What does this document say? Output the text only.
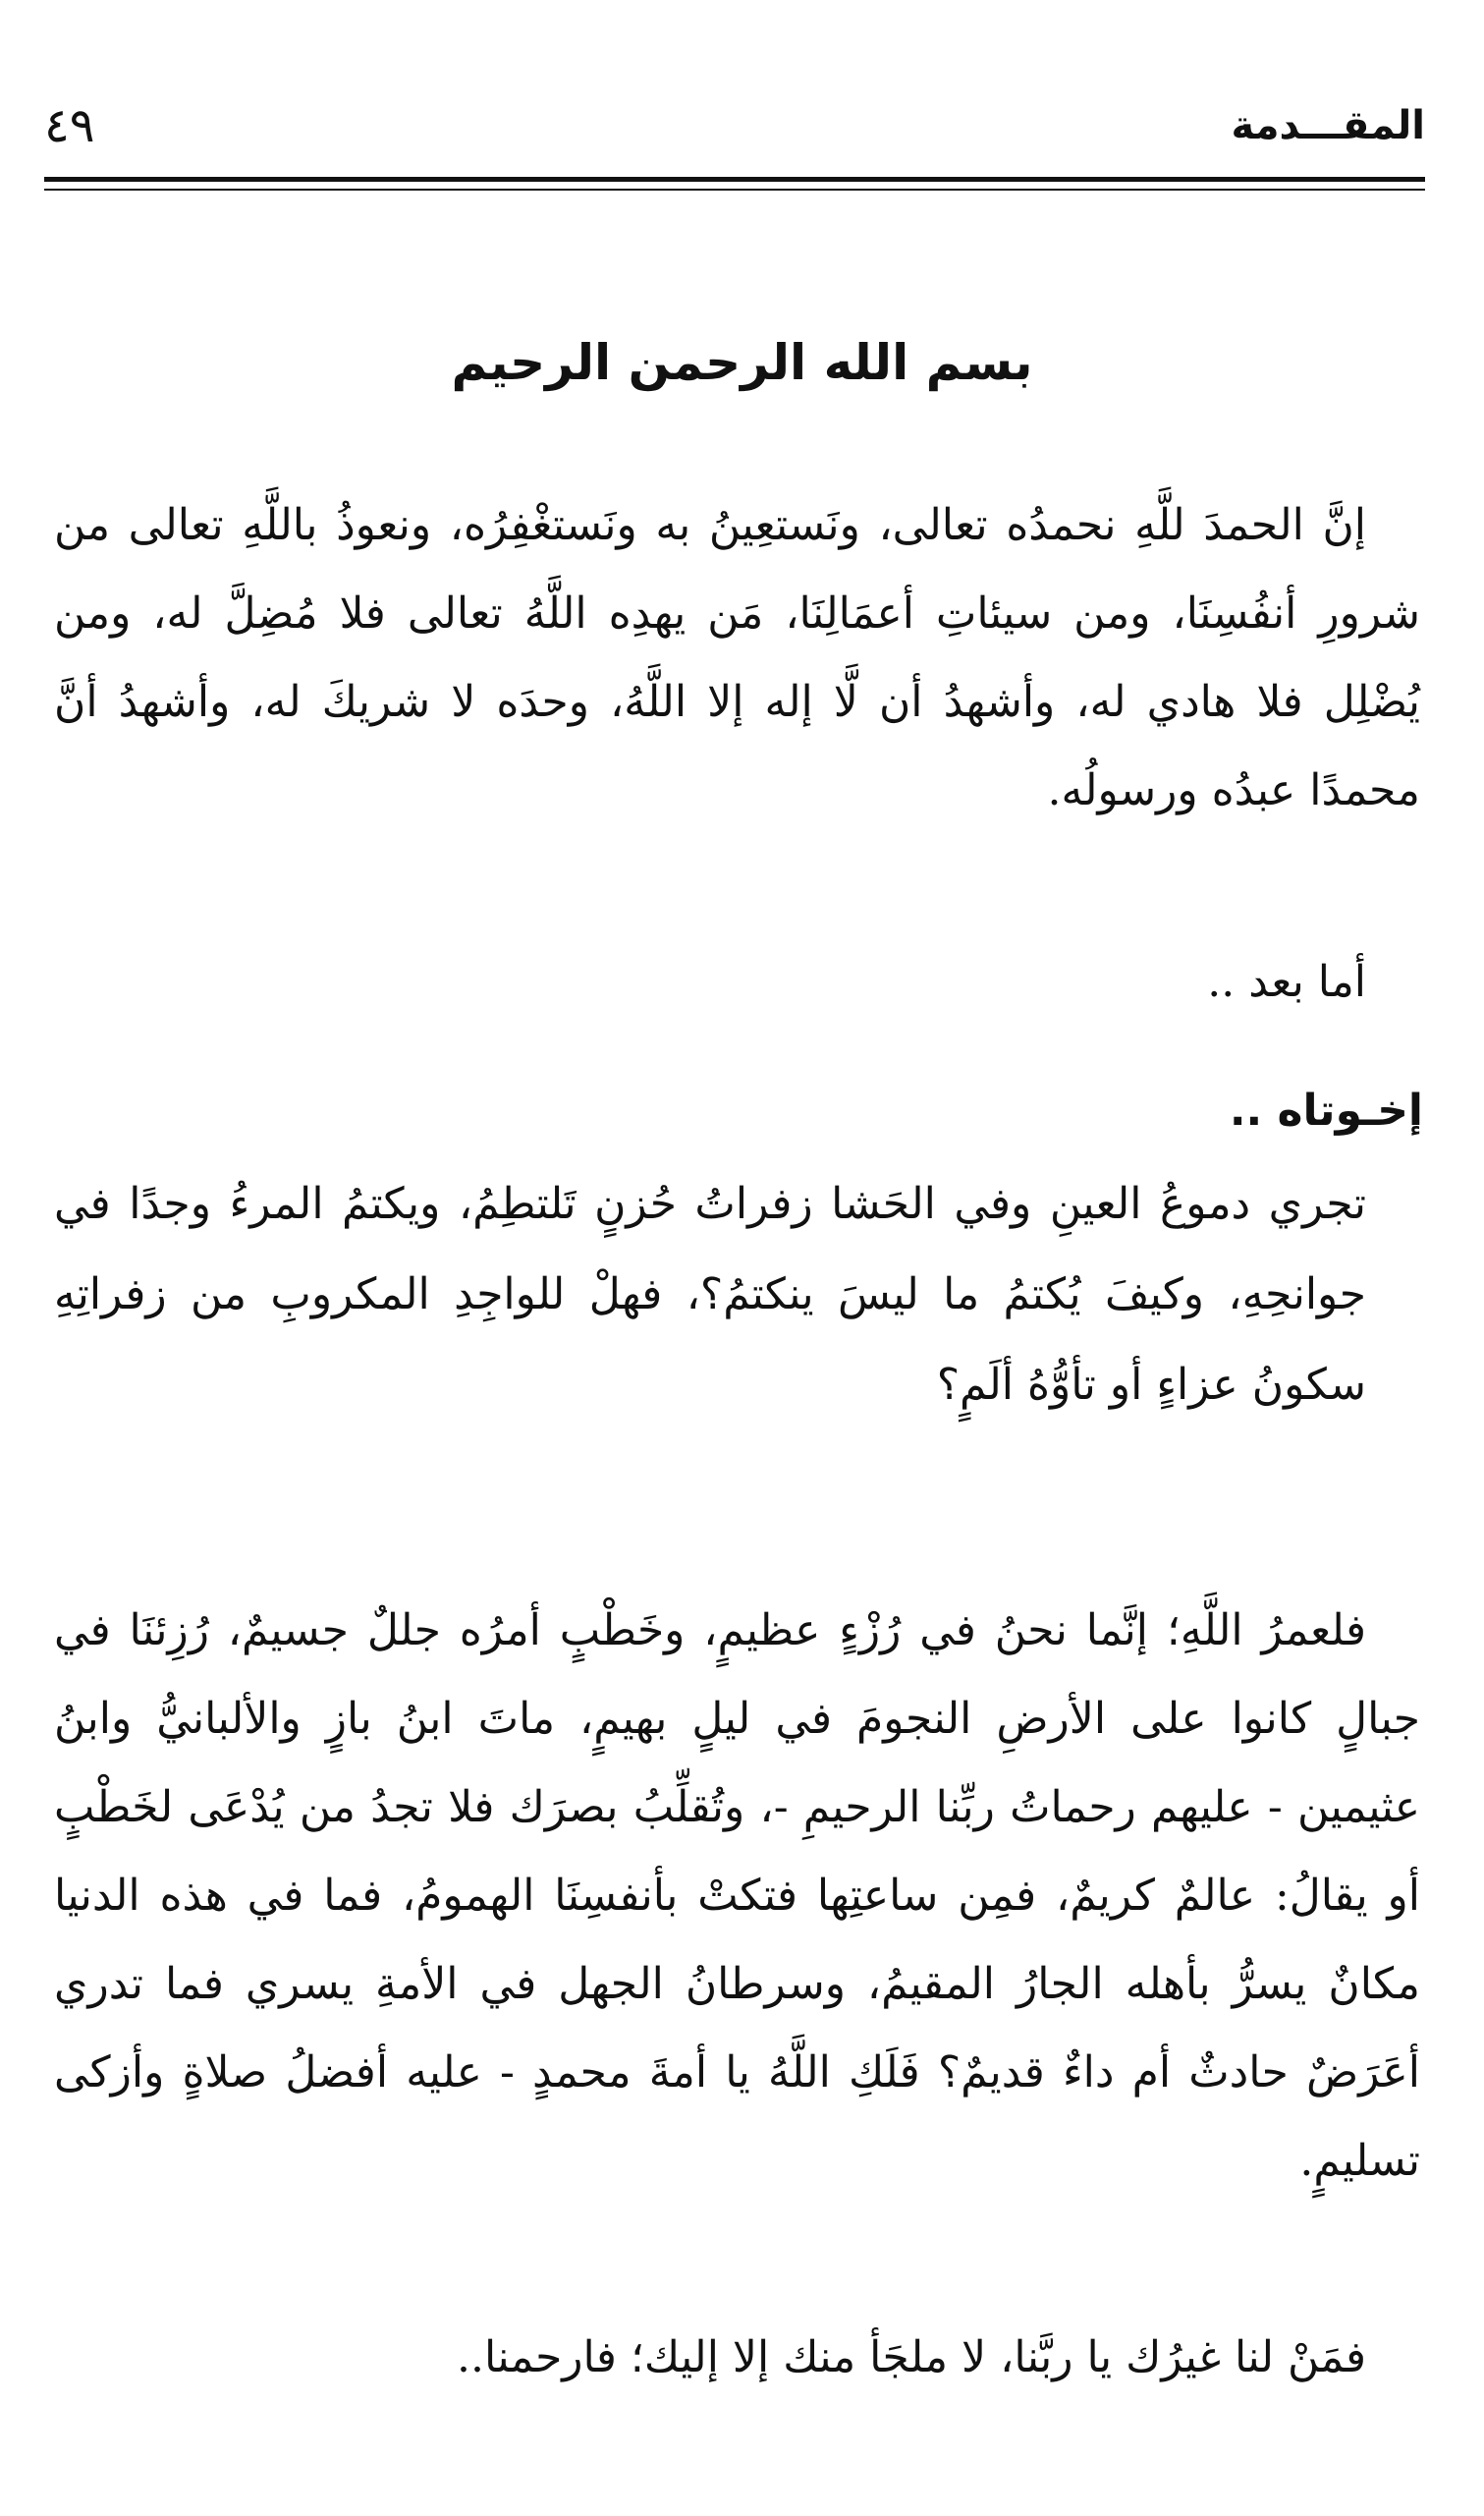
المقـــدمة
٤٩
بسم الله الرحمن الرحيم

إنَّ الحمدَ للَّهِ نحمدُه تعالى، ونَستعِينُ به ونَستغْفِرُه، ونعوذُ باللَّهِ تعالى من شرورِ أنفُسِنَا، ومن سيئاتِ أعمَالِنَا، مَن يهدِه اللَّهُ تعالى فلا مُضِلَّ له، ومن يُضْلِل فلا هادي له، وأشهدُ أن لَّا إله إلا اللَّهُ، وحدَه لا شريكَ له، وأشهدُ أنَّ محمدًا عبدُه ورسولُه.

أما بعد ..

إخـوتاه ..

تجري دموعُ العينِ وفي الحَشا زفراتُ حُزنٍ تَلتطِمُ، ويكتمُ المرءُ وجدًا في جوانحِهِ، وكيفَ يُكتمُ ما ليسَ ينكتمُ؟، فهلْ للواجِدِ المكروبِ من زفراتِهِ سكونُ عزاءٍ أو تأوُّهُ ألَمٍ؟

فلعمرُ اللَّهِ؛ إنَّما نحنُ في رُزْءٍ عظيمٍ، وخَطْبٍ أمرُه جللٌ جسيمٌ، رُزِئنَا في جبالٍ كانوا على الأرضِ النجومَ في ليلٍ بهيمٍ، ماتَ ابنُ بازٍ والألبانيُّ وابنُ عثيمين - عليهم رحماتُ ربِّنا الرحيمِ -، وتُقلِّبُ بصرَك فلا تجدُ من يُدْعَى لخَطْبٍ أو يقالُ: عالمٌ كريمٌ، فمِن ساعتِها فتكتْ بأنفسِنَا الهمومُ، فما في هذه الدنيا مكانٌ يسرُّ بأهله الجارُ المقيمُ، وسرطانُ الجهل في الأمةِ يسري فما تدري أعَرَضٌ حادثٌ أم داءٌ قديمٌ؟ فَلَكِ اللَّهُ يا أمةَ محمدٍ - عليه أفضلُ صلاةٍ وأزكى تسليمٍ.

فمَنْ لنا غيرُك يا ربَّنا، لا ملجَأ منك إلا إليك؛ فارحمنا..
